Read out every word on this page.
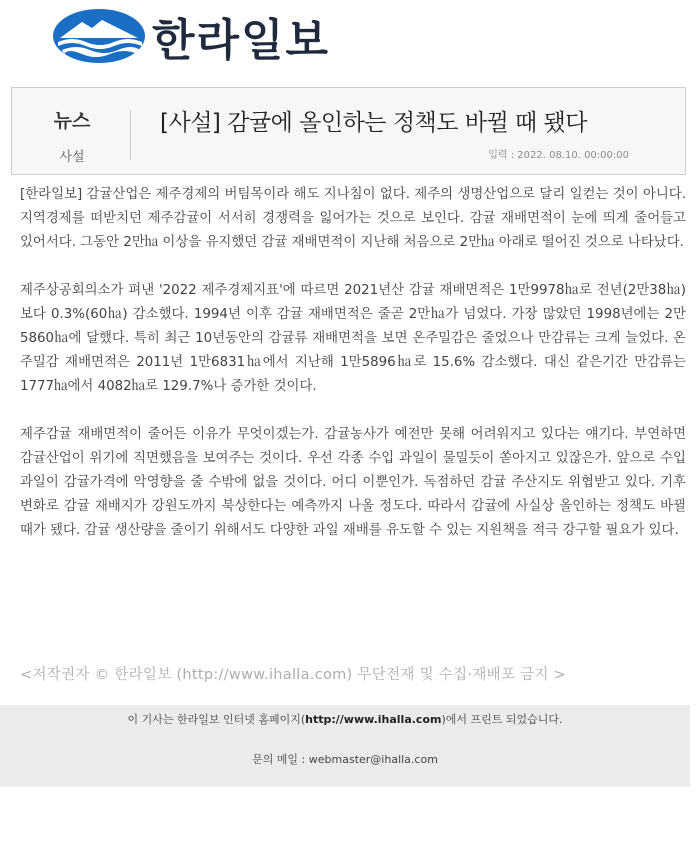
한라일보
뉴스
사설
[사설] 감귤에 올인하는 정책도 바뀔 때 됐다
입력 : 2022. 08.10. 00:00:00

[한라일보] 감귤산업은 제주경제의 버팀목이라 해도 지나침이 없다. 제주의 생명산업으로 달리 일컫는 것이 아니다. 지역경제를 떠받치던 제주감귤이 서서히 경쟁력을 잃어가는 것으로 보인다. 감귤 재배면적이 눈에 띄게 줄어들고 있어서다. 그동안 2만㏊ 이상을 유지했던 감귤 재배면적이 지난해 처음으로 2만㏊ 아래로 떨어진 것으로 나타났다.

제주상공회의소가 펴낸 '2022 제주경제지표'에 따르면 2021년산 감귤 재배면적은 1만9978㏊로 전년(2만38㏊)보다 0.3%(60㏊) 감소했다. 1994년 이후 감귤 재배면적은 줄곧 2만㏊가 넘었다. 가장 많았던 1998년에는 2만5860㏊에 달했다. 특히 최근 10년동안의 감귤류 재배면적을 보면 온주밀감은 줄었으나 만감류는 크게 늘었다. 온주밀감 재배면적은 2011년 1만6831㏊에서 지난해 1만5896㏊로 15.6% 감소했다. 대신 같은기간 만감류는 1777㏊에서 4082㏊로 129.7%나 증가한 것이다.

제주감귤 재배면적이 줄어든 이유가 무엇이겠는가. 감귤농사가 예전만 못해 어려워지고 있다는 얘기다. 부연하면 감귤산업이 위기에 직면했음을 보여주는 것이다. 우선 각종 수입 과일이 물밀듯이 쏟아지고 있잖은가. 앞으로 수입 과일이 감귤가격에 악영향을 줄 수밖에 없을 것이다. 어디 이뿐인가. 독점하던 감귤 주산지도 위협받고 있다. 기후변화로 감귤 재배지가 강원도까지 북상한다는 예측까지 나올 정도다. 따라서 감귤에 사실상 올인하는 정책도 바뀔 때가 됐다. 감귤 생산량을 줄이기 위해서도 다양한 과일 재배를 유도할 수 있는 지원책을 적극 강구할 필요가 있다.

<저작권자 © 한라일보 (http://www.ihalla.com) 무단전재 및 수집·재배포 금지 >
이 기사는 한라일보 인터넷 홈페이지(http://www.ihalla.com)에서 프린트 되었습니다.
문의 메일 : webmaster@ihalla.com
